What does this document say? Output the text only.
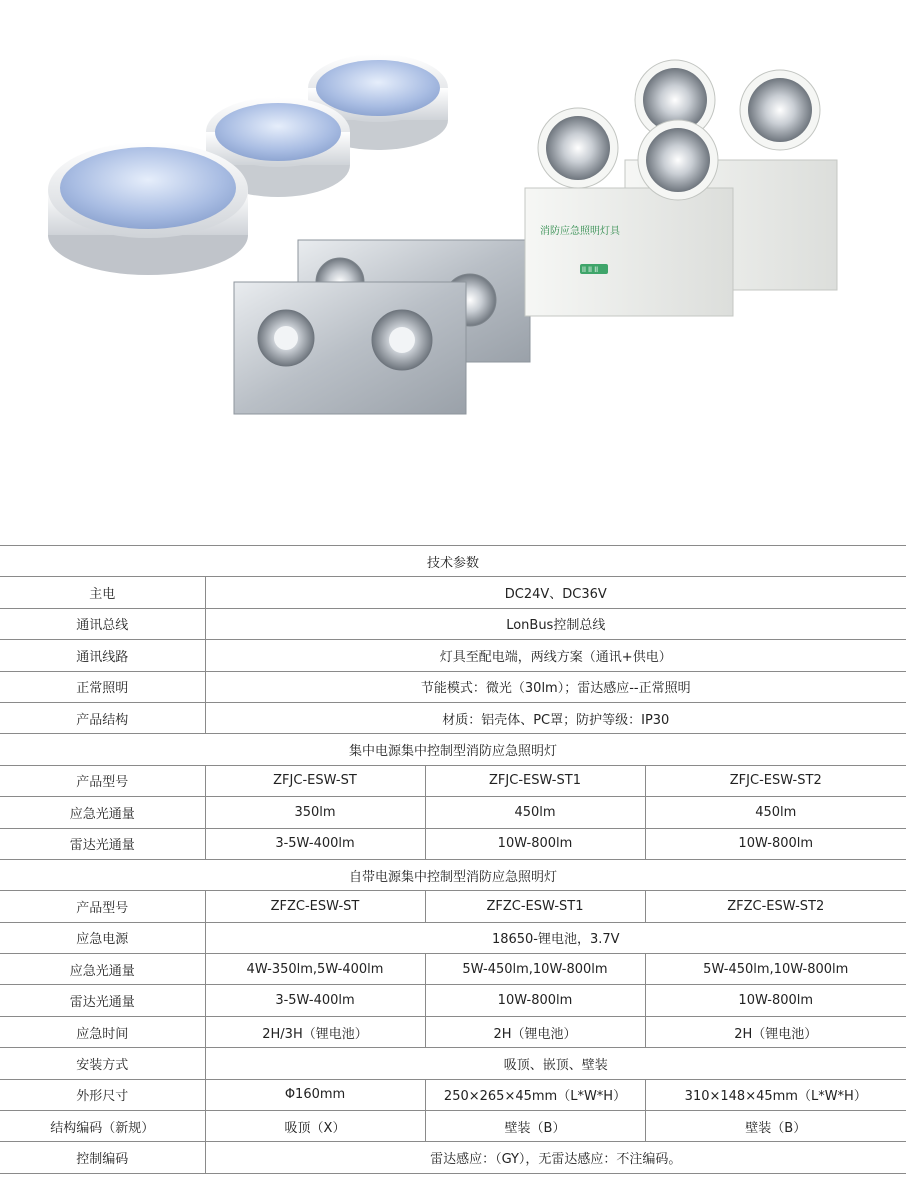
消防应急照明灯具
ll ll ll
技术参数			
主电	DC24V、DC36V		
通讯总线	LonBus控制总线		
通讯线路	灯具至配电端，两线方案（通讯+供电）		
正常照明	节能模式：微光（30lm）；雷达感应--正常照明		
产品结构	材质：铝壳体、PC罩；防护等级：IP30		
集中电源集中控制型消防应急照明灯			
产品型号	ZFJC-ESW-ST	ZFJC-ESW-ST1	ZFJC-ESW-ST2
应急光通量	350lm	450lm	450lm
雷达光通量	3-5W-400lm	10W-800lm	10W-800lm
自带电源集中控制型消防应急照明灯			
产品型号	ZFZC-ESW-ST	ZFZC-ESW-ST1	ZFZC-ESW-ST2
应急电源	18650-锂电池，3.7V		
应急光通量	4W-350lm,5W-400lm	5W-450lm,10W-800lm	5W-450lm,10W-800lm
雷达光通量	3-5W-400lm	10W-800lm	10W-800lm
应急时间	2H/3H（锂电池）	2H（锂电池）	2H（锂电池）
安装方式	吸顶、嵌顶、壁装		
外形尺寸	Φ160mm	250×265×45mm（L*W*H）	310×148×45mm（L*W*H）
结构编码（新规）	吸顶（X）	壁装（B）	壁装（B）
控制编码	雷达感应：（GY），无雷达感应：不注编码。		
